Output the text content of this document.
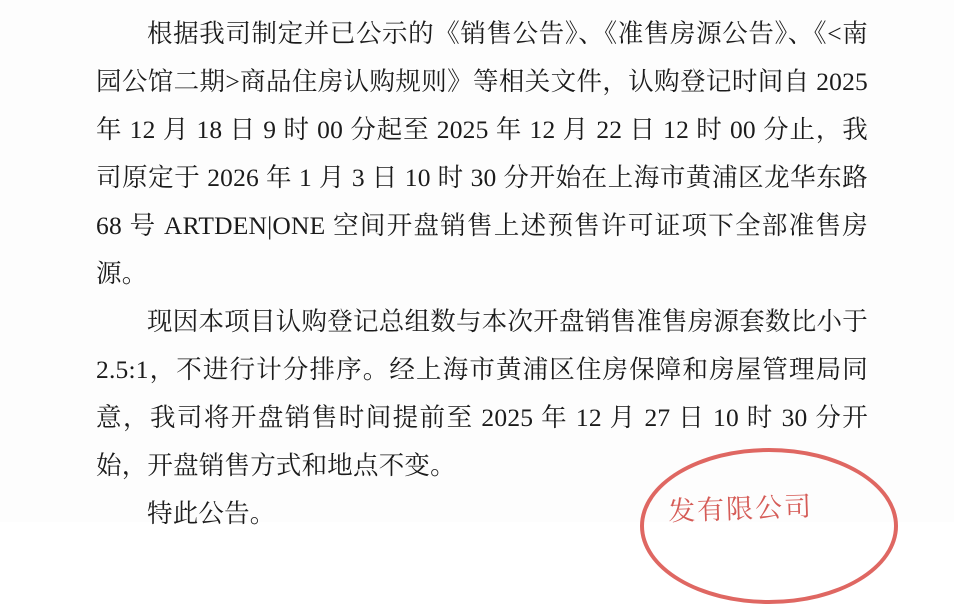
根据我司制定并已公示的《销售公告》、《准售房源公告》、《<南园公馆二期>商品住房认购规则》等相关文件，认购登记时间自 2025 年 12 月 18 日 9 时 00 分起至 2025 年 12 月 22 日 12 时 00 分止，我司原定于 2026 年 1 月 3 日 10 时 30 分开始在上海市黄浦区龙华东路 68 号 ARTDEN|ONE 空间开盘销售上述预售许可证项下全部准售房源。

现因本项目认购登记总组数与本次开盘销售准售房源套数比小于 2.5:1，不进行计分排序。经上海市黄浦区住房保障和房屋管理局同意，我司将开盘销售时间提前至 2025 年 12 月 27 日 10 时 30 分开始，开盘销售方式和地点不变。

特此公告。	发有限公司
